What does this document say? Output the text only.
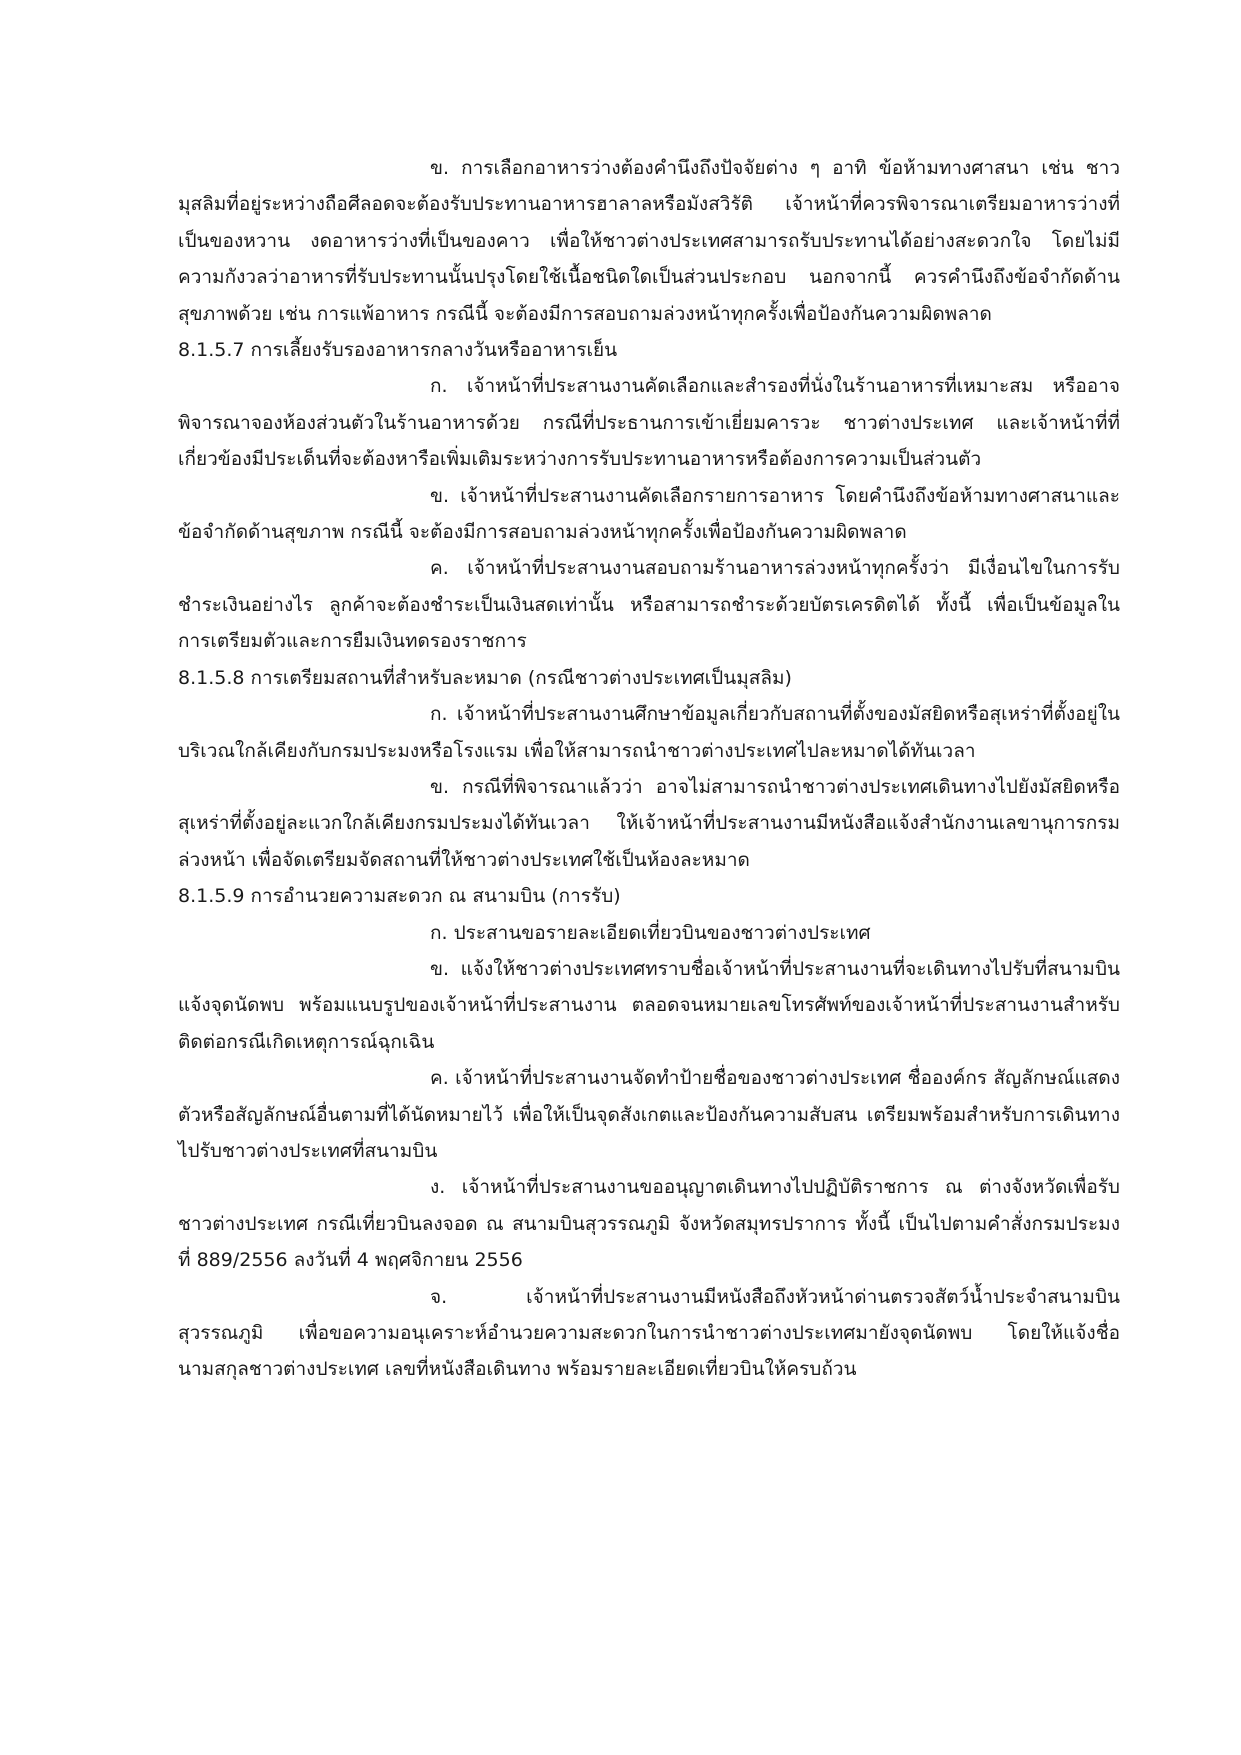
ข. การเลือกอาหารว่างต้องคำนึงถึงปัจจัยต่าง ๆ อาทิ ข้อห้ามทางศาสนา เช่น ชาวมุสลิมที่อยู่ระหว่างถือศีลอดจะต้องรับประทานอาหารฮาลาลหรือมังสวิรัติ เจ้าหน้าที่ควรพิจารณาเตรียมอาหารว่างที่เป็นของหวาน งดอาหารว่างที่เป็นของคาว เพื่อให้ชาวต่างประเทศสามารถรับประทานได้อย่างสะดวกใจ โดยไม่มีความกังวลว่าอาหารที่รับประทานนั้นปรุงโดยใช้เนื้อชนิดใดเป็นส่วนประกอบ นอกจากนี้ ควรคำนึงถึงข้อจำกัดด้านสุขภาพด้วย เช่น การแพ้อาหาร กรณีนี้ จะต้องมีการสอบถามล่วงหน้าทุกครั้งเพื่อป้องกันความผิดพลาด

8.1.5.7 การเลี้ยงรับรองอาหารกลางวันหรืออาหารเย็น

ก. เจ้าหน้าที่ประสานงานคัดเลือกและสำรองที่นั่งในร้านอาหารที่เหมาะสม หรืออาจพิจารณาจองห้องส่วนตัวในร้านอาหารด้วย กรณีที่ประธานการเข้าเยี่ยมคารวะ ชาวต่างประเทศ และเจ้าหน้าที่ที่เกี่ยวข้องมีประเด็นที่จะต้องหารือเพิ่มเติมระหว่างการรับประทานอาหารหรือต้องการความเป็นส่วนตัว

ข. เจ้าหน้าที่ประสานงานคัดเลือกรายการอาหาร โดยคำนึงถึงข้อห้ามทางศาสนาและข้อจำกัดด้านสุขภาพ กรณีนี้ จะต้องมีการสอบถามล่วงหน้าทุกครั้งเพื่อป้องกันความผิดพลาด

ค. เจ้าหน้าที่ประสานงานสอบถามร้านอาหารล่วงหน้าทุกครั้งว่า มีเงื่อนไขในการรับชำระเงินอย่างไร ลูกค้าจะต้องชำระเป็นเงินสดเท่านั้น หรือสามารถชำระด้วยบัตรเครดิตได้ ทั้งนี้ เพื่อเป็นข้อมูลในการเตรียมตัวและการยืมเงินทดรองราชการ

8.1.5.8 การเตรียมสถานที่สำหรับละหมาด (กรณีชาวต่างประเทศเป็นมุสลิม)

ก. เจ้าหน้าที่ประสานงานศึกษาข้อมูลเกี่ยวกับสถานที่ตั้งของมัสยิดหรือสุเหร่าที่ตั้งอยู่ในบริเวณใกล้เคียงกับกรมประมงหรือโรงแรม เพื่อให้สามารถนำชาวต่างประเทศไปละหมาดได้ทันเวลา

ข. กรณีที่พิจารณาแล้วว่า อาจไม่สามารถนำชาวต่างประเทศเดินทางไปยังมัสยิดหรือสุเหร่าที่ตั้งอยู่ละแวกใกล้เคียงกรมประมงได้ทันเวลา ให้เจ้าหน้าที่ประสานงานมีหนังสือแจ้งสำนักงานเลขานุการกรมล่วงหน้า เพื่อจัดเตรียมจัดสถานที่ให้ชาวต่างประเทศใช้เป็นห้องละหมาด

8.1.5.9 การอำนวยความสะดวก ณ สนามบิน (การรับ)

ก. ประสานขอรายละเอียดเที่ยวบินของชาวต่างประเทศ

ข. แจ้งให้ชาวต่างประเทศทราบชื่อเจ้าหน้าที่ประสานงานที่จะเดินทางไปรับที่สนามบิน แจ้งจุดนัดพบ พร้อมแนบรูปของเจ้าหน้าที่ประสานงาน ตลอดจนหมายเลขโทรศัพท์ของเจ้าหน้าที่ประสานงานสำหรับติดต่อกรณีเกิดเหตุการณ์ฉุกเฉิน

ค. เจ้าหน้าที่ประสานงานจัดทำป้ายชื่อของชาวต่างประเทศ ชื่อองค์กร สัญลักษณ์แสดงตัวหรือสัญลักษณ์อื่นตามที่ได้นัดหมายไว้ เพื่อให้เป็นจุดสังเกตและป้องกันความสับสน เตรียมพร้อมสำหรับการเดินทางไปรับชาวต่างประเทศที่สนามบิน

ง. เจ้าหน้าที่ประสานงานขออนุญาตเดินทางไปปฏิบัติราชการ ณ ต่างจังหวัดเพื่อรับชาวต่างประเทศ กรณีเที่ยวบินลงจอด ณ สนามบินสุวรรณภูมิ จังหวัดสมุทรปราการ ทั้งนี้ เป็นไปตามคำสั่งกรมประมง ที่ 889/2556 ลงวันที่ 4 พฤศจิกายน 2556

จ. เจ้าหน้าที่ประสานงานมีหนังสือถึงหัวหน้าด่านตรวจสัตว์น้ำประจำสนามบินสุวรรณภูมิ เพื่อขอความอนุเคราะห์อำนวยความสะดวกในการนำชาวต่างประเทศมายังจุดนัดพบ โดยให้แจ้งชื่อนามสกุลชาวต่างประเทศ เลขที่หนังสือเดินทาง พร้อมรายละเอียดเที่ยวบินให้ครบถ้วน
